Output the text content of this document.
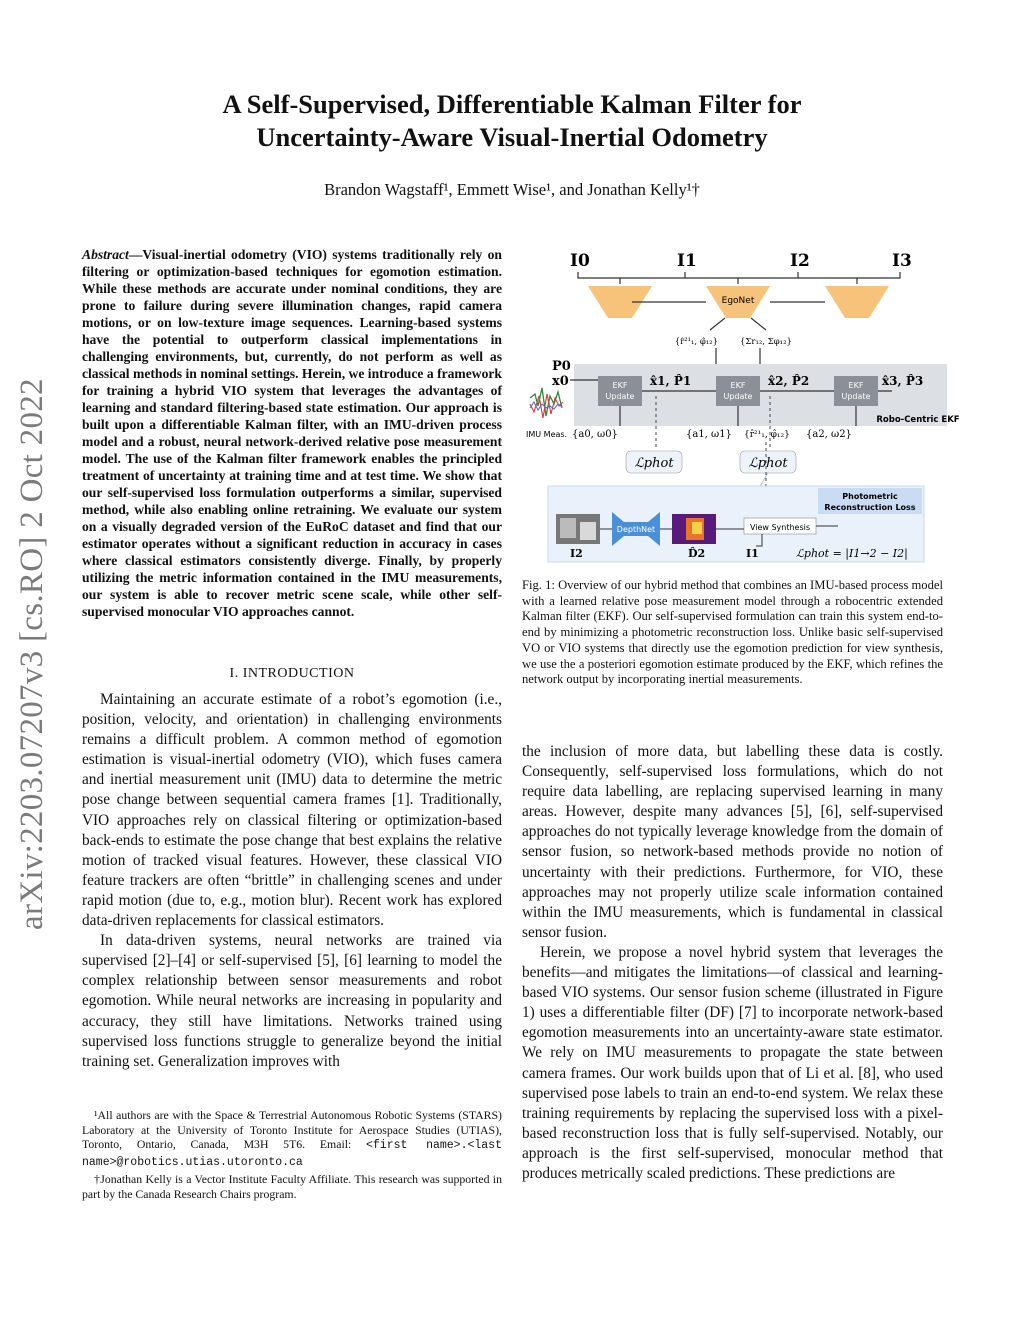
A Self-Supervised, Differentiable Kalman Filter for
Uncertainty-Aware Visual-Inertial Odometry
Brandon Wagstaff¹, Emmett Wise¹, and Jonathan Kelly¹†
arXiv:2203.07207v3 [cs.RO] 2 Oct 2022
Abstract—Visual-inertial odometry (VIO) systems traditionally rely on filtering or optimization-based techniques for egomotion estimation. While these methods are accurate under nominal conditions, they are prone to failure during severe illumination changes, rapid camera motions, or on low-texture image sequences. Learning-based systems have the potential to outperform classical implementations in challenging environments, but, currently, do not perform as well as classical methods in nominal settings. Herein, we introduce a framework for training a hybrid VIO system that leverages the advantages of learning and standard filtering-based state estimation. Our approach is built upon a differentiable Kalman filter, with an IMU-driven process model and a robust, neural network-derived relative pose measurement model. The use of the Kalman filter framework enables the principled treatment of uncertainty at training time and at test time. We show that our self-supervised loss formulation outperforms a similar, supervised method, while also enabling online retraining. We evaluate our system on a visually degraded version of the EuRoC dataset and find that our estimator operates without a significant reduction in accuracy in cases where classical estimators consistently diverge. Finally, by properly utilizing the metric information contained in the IMU measurements, our system is able to recover metric scene scale, while other self-supervised monocular VIO approaches cannot.
I. INTRODUCTION

Maintaining an accurate estimate of a robot’s egomotion (i.e., position, velocity, and orientation) in challenging environments remains a difficult problem. A common method of egomotion estimation is visual-inertial odometry (VIO), which fuses camera and inertial measurement unit (IMU) data to determine the metric pose change between sequential camera frames [1]. Traditionally, VIO approaches rely on classical filtering or optimization-based back-ends to estimate the pose change that best explains the relative motion of tracked visual features. However, these classical VIO feature trackers are often “brittle” in challenging scenes and under rapid motion (due to, e.g., motion blur). Recent work has explored data-driven replacements for classical estimators.

In data-driven systems, neural networks are trained via supervised [2]–[4] or self-supervised [5], [6] learning to model the complex relationship between sensor measurements and robot egomotion. While neural networks are increasing in popularity and accuracy, they still have limitations. Networks trained using supervised loss functions struggle to generalize beyond the initial training set. Generalization improves with

¹All authors are with the Space & Terrestrial Autonomous Robotic Systems (STARS) Laboratory at the University of Toronto Institute for Aerospace Studies (UTIAS), Toronto, Ontario, Canada, M3H 5T6. Email: <first name>.<last name>@robotics.utias.utoronto.ca

†Jonathan Kelly is a Vector Institute Faculty Affiliate. This research was supported in part by the Canada Research Chairs program.

I0	I1	I2	I3
EgoNet
{r̂²¹₁, φ̂₁₂}	{Σr₁₂, Σφ₁₂}
Robo-Centric EKF
P0
x0	EKF
Update
EKF
Update
EKF
Update
x̂1, P̂1	x̂2, P̂2	x̂3, P̂3
IMU Meas. {a0, ω0}	{a1, ω1} {r̂²¹₁, φ̂₁₂} {a2, ω2}
ℒphot	ℒphot
Photometric
Reconstruction Loss
DepthNet	View Synthesis
I2	D̂2	I1	ℒphot = |I1→2 − I2|
Fig. 1: Overview of our hybrid method that combines an IMU-based process model with a learned relative pose measurement model through a robocentric extended Kalman filter (EKF). Our self-supervised formulation can train this system end-to-end by minimizing a photometric reconstruction loss. Unlike basic self-supervised VO or VIO systems that directly use the egomotion prediction for view synthesis, we use the a posteriori egomotion estimate produced by the EKF, which refines the network output by incorporating inertial measurements.

the inclusion of more data, but labelling these data is costly. Consequently, self-supervised loss formulations, which do not require data labelling, are replacing supervised learning in many areas. However, despite many advances [5], [6], self-supervised approaches do not typically leverage knowledge from the domain of sensor fusion, so network-based methods provide no notion of uncertainty with their predictions. Furthermore, for VIO, these approaches may not properly utilize scale information contained within the IMU measurements, which is fundamental in classical sensor fusion.

Herein, we propose a novel hybrid system that leverages the benefits—and mitigates the limitations—of classical and learning-based VIO systems. Our sensor fusion scheme (illustrated in Figure 1) uses a differentiable filter (DF) [7] to incorporate network-based egomotion measurements into an uncertainty-aware state estimator. We rely on IMU measurements to propagate the state between camera frames. Our work builds upon that of Li et al. [8], who used supervised pose labels to train an end-to-end system. We relax these training requirements by replacing the supervised loss with a pixel-based reconstruction loss that is fully self-supervised. Notably, our approach is the first self-supervised, monocular method that produces metrically scaled predictions. These predictions are
